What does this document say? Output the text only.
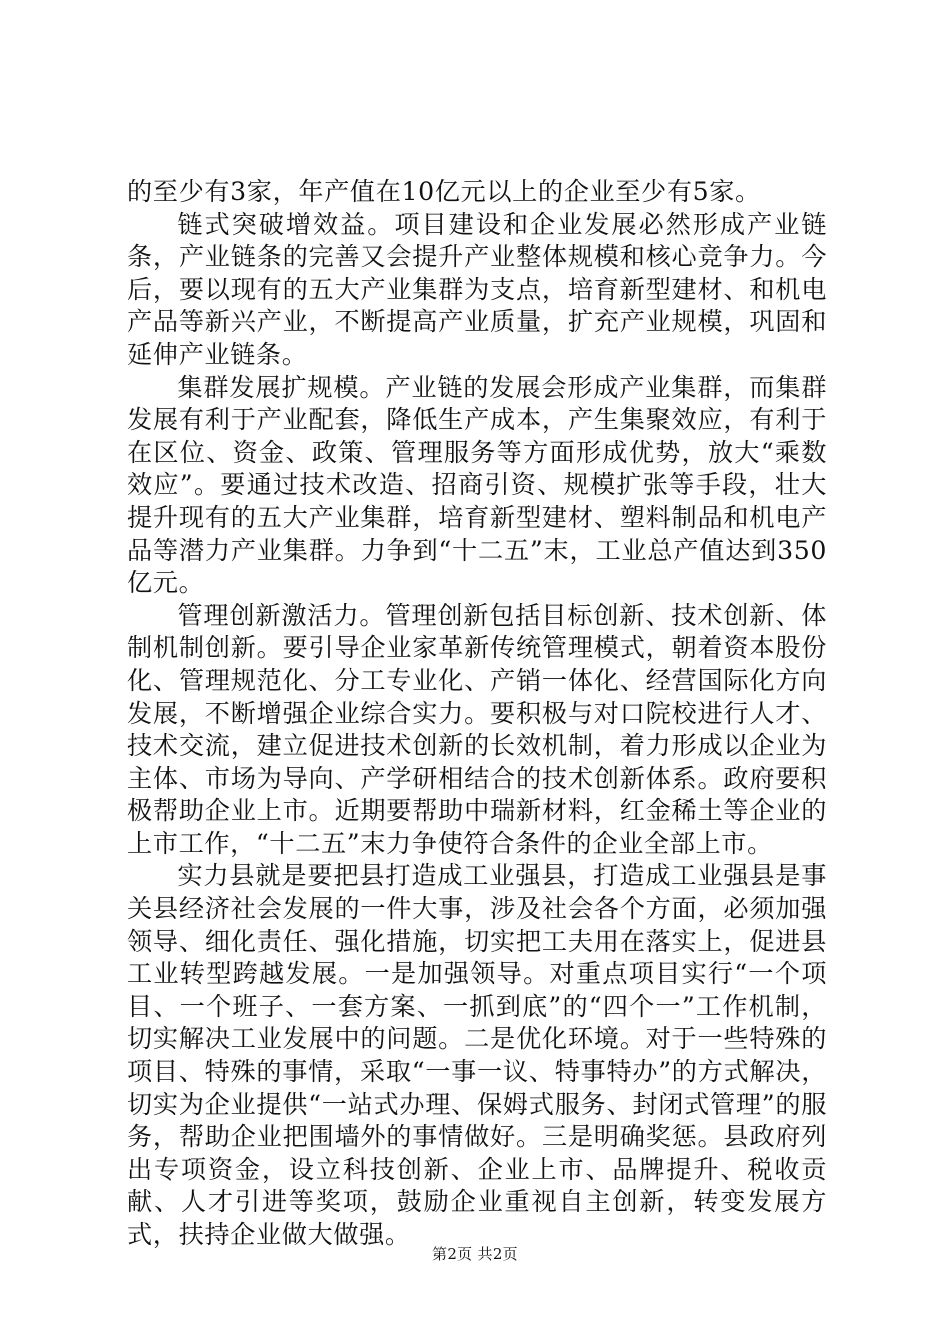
的至少有3家，年产值在10亿元以上的企业至少有5家。

链式突破增效益。项目建设和企业发展必然形成产业链条，产业链条的完善又会提升产业整体规模和核心竞争力。今后，要以现有的五大产业集群为支点，培育新型建材、和机电产品等新兴产业，不断提高产业质量，扩充产业规模，巩固和延伸产业链条。

集群发展扩规模。产业链的发展会形成产业集群，而集群发展有利于产业配套，降低生产成本，产生集聚效应，有利于在区位、资金、政策、管理服务等方面形成优势，放大“乘数效应”。要通过技术改造、招商引资、规模扩张等手段，壮大提升现有的五大产业集群，培育新型建材、塑料制品和机电产品等潜力产业集群。力争到“十二五”末，工业总产值达到350亿元。

管理创新激活力。管理创新包括目标创新、技术创新、体制机制创新。要引导企业家革新传统管理模式，朝着资本股份化、管理规范化、分工专业化、产销一体化、经营国际化方向发展，不断增强企业综合实力。要积极与对口院校进行人才、技术交流，建立促进技术创新的长效机制，着力形成以企业为主体、市场为导向、产学研相结合的技术创新体系。政府要积极帮助企业上市。近期要帮助中瑞新材料，红金稀土等企业的上市工作，“十二五”末力争使符合条件的企业全部上市。

实力县就是要把县打造成工业强县，打造成工业强县是事关县经济社会发展的一件大事，涉及社会各个方面，必须加强领导、细化责任、强化措施，切实把工夫用在落实上，促进县工业转型跨越发展。一是加强领导。对重点项目实行“一个项目、一个班子、一套方案、一抓到底”的“四个一”工作机制，切实解决工业发展中的问题。二是优化环境。对于一些特殊的项目、特殊的事情，采取“一事一议、特事特办”的方式解决，切实为企业提供“一站式办理、保姆式服务、封闭式管理”的服务，帮助企业把围墙外的事情做好。三是明确奖惩。县政府列出专项资金，设立科技创新、企业上市、品牌提升、税收贡献、人才引进等奖项，鼓励企业重视自主创新，转变发展方式，扶持企业做大做强。

第2页 共2页
